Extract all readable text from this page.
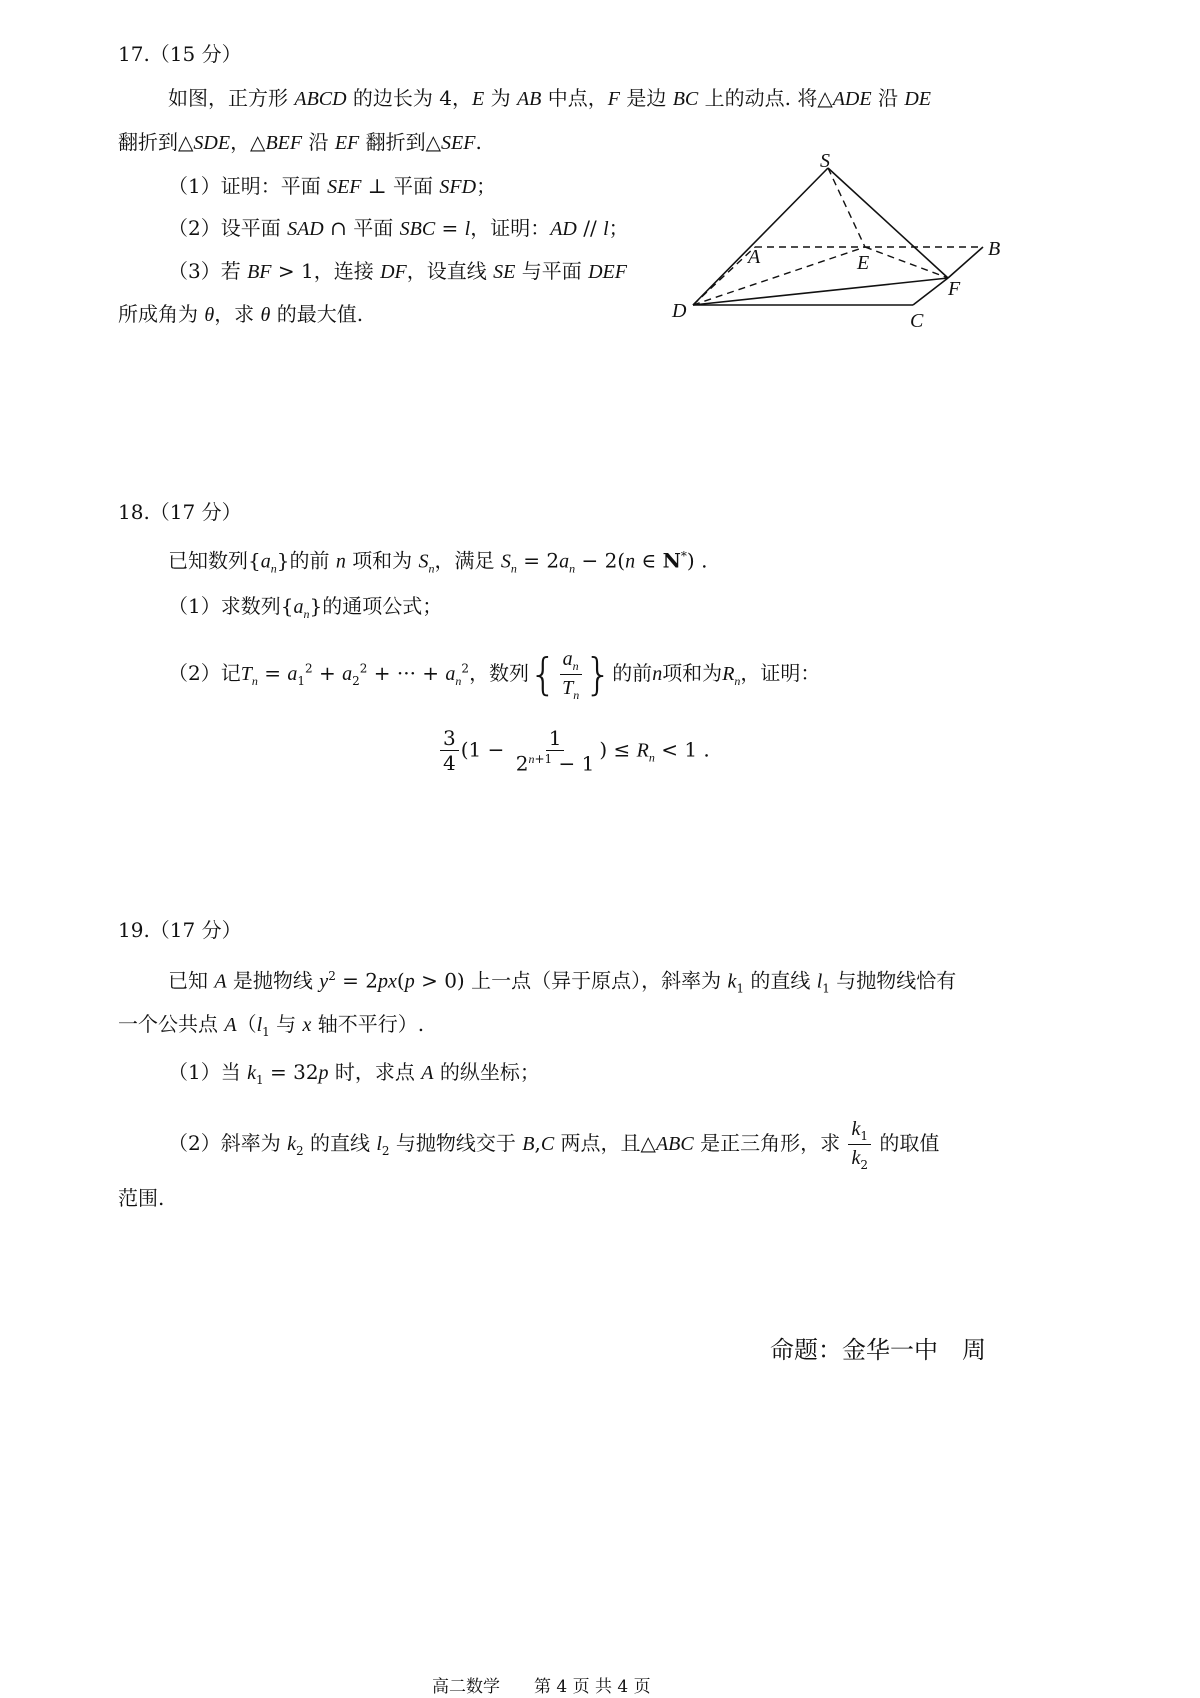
17.（15 分）
如图，正方形 ABCD 的边长为 4，E 为 AB 中点，F 是边 BC 上的动点. 将△ADE 沿 DE
翻折到△SDE，△BEF 沿 EF 翻折到△SEF.
（1）证明：平面 SEF ⊥ 平面 SFD；
（2）设平面 SAD ∩ 平面 SBC = l，证明：AD // l；
（3）若 BF > 1，连接 DF，设直线 SE 与平面 DEF
所成角为 θ，求 θ 的最大值.
S
A	E
B
F
D	C
18.（17 分）
已知数列$\{a_n\}$的前 n 项和为 $S_n$，满足 $S_n = 2a_n - 2(n$ ∈ N*) .
（1）求数列$\{a_n\}$的通项公式；
（2）记$T_n = a_1^2 + a_2^2$ + ··· + $a_n^2$，数列 { $\frac{a_n}{T_n}$ } 的前n项和为$R_n$，证明：
$\frac{3}{4} (1 - \frac{1}{2^{n+1} - 1}$ ) ≤ $R_n < 1$ .
19.（17 分）
已知 A 是抛物线 $y^2 = 2px(p > 0)$ 上一点（异于原点），斜率为 $k_1$ 的直线 $l_1$ 与抛物线恰有
一个公共点 $A(l_1$ 与 x 轴不平行）.
（1）当 $k_1 = 32p$ 时，求点 A 的纵坐标；
（2）斜率为 $k_2$ 的直线 $l_2$ 与抛物线交于 B,C 两点，且△ABC 是正三角形，求 $\frac{k_1}{k_2}$ 的取值
范围.
命题：金华一中　周
高二数学　　第 4 页 共 4 页
